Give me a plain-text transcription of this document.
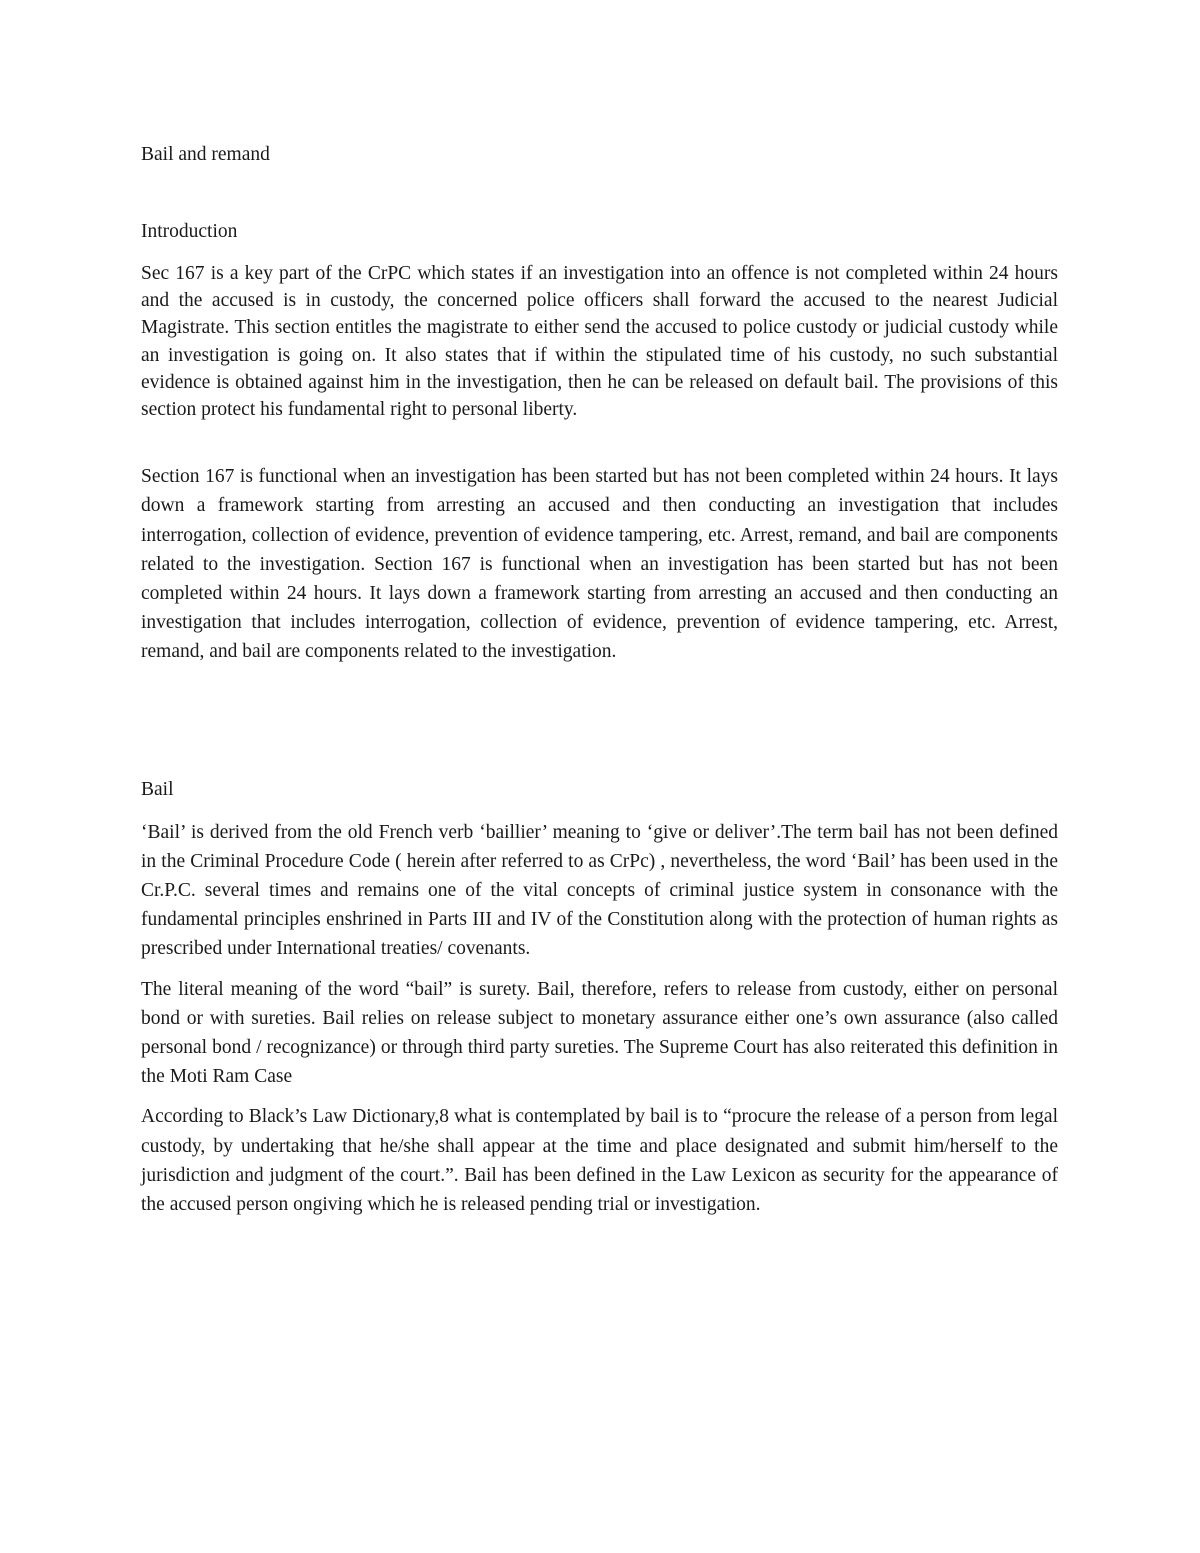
Bail and remand
Introduction

Sec 167 is a key part of the CrPC which states if an investigation into an offence is not completed within 24 hours and the accused is in custody, the concerned police officers shall forward the accused to the nearest Judicial Magistrate. This section entitles the magistrate to either send the accused to police custody or judicial custody while an investigation is going on. It also states that if within the stipulated time of his custody, no such substantial evidence is obtained against him in the investigation, then he can be released on default bail. The provisions of this section protect his fundamental right to personal liberty.

Section 167 is functional when an investigation has been started but has not been completed within 24 hours. It lays down a framework starting from arresting an accused and then conducting an investigation that includes interrogation, collection of evidence, prevention of evidence tampering, etc. Arrest, remand, and bail are components related to the investigation. Section 167 is functional when an investigation has been started but has not been completed within 24 hours. It lays down a framework starting from arresting an accused and then conducting an investigation that includes interrogation, collection of evidence, prevention of evidence tampering, etc. Arrest, remand, and bail are components related to the investigation.

Bail

‘Bail’ is derived from the old French verb ‘baillier’ meaning to ‘give or deliver’.The term bail has not been defined in the Criminal Procedure Code ( herein after referred to as CrPc) , nevertheless, the word ‘Bail’ has been used in the Cr.P.C. several times and remains one of the vital concepts of criminal justice system in consonance with the fundamental principles enshrined in Parts III and IV of the Constitution along with the protection of human rights as prescribed under International treaties/ covenants.

The literal meaning of the word “bail” is surety. Bail, therefore, refers to release from custody, either on personal bond or with sureties. Bail relies on release subject to monetary assurance either one’s own assurance (also called personal bond / recognizance) or through third party sureties. The Supreme Court has also reiterated this definition in the Moti Ram Case

According to Black’s Law Dictionary,8 what is contemplated by bail is to “procure the release of a person from legal custody, by undertaking that he/she shall appear at the time and place designated and submit him/herself to the jurisdiction and judgment of the court.”. Bail has been defined in the Law Lexicon as security for the appearance of the accused person ongiving which he is released pending trial or investigation.
